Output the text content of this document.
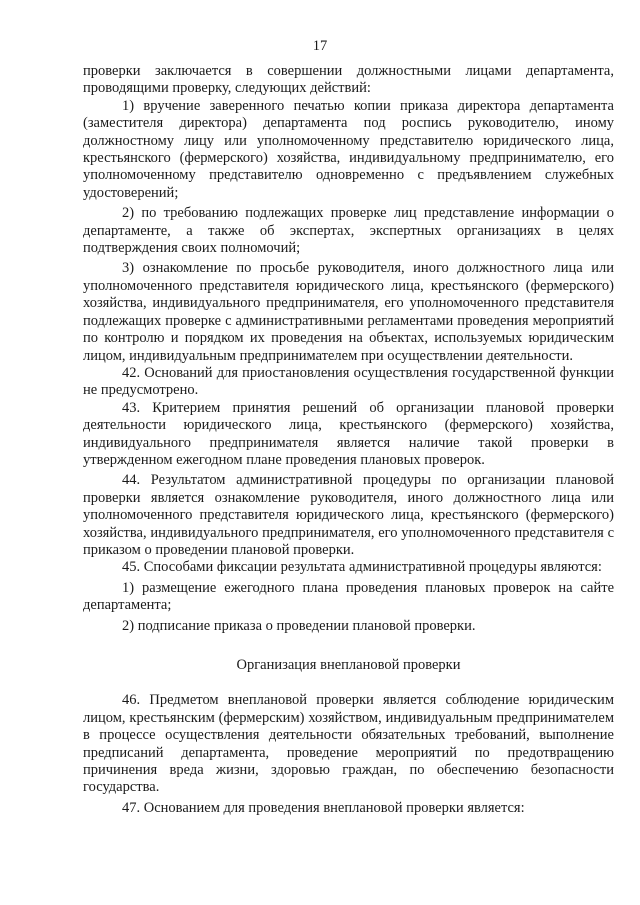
17

проверки заключается в совершении должностными лицами департамента, проводящими проверку, следующих действий:

1) вручение заверенного печатью копии приказа директора департамента (заместителя директора) департамента под роспись руководителю, иному должностному лицу или уполномоченному представителю юридического лица, крестьянского (фермерского) хозяйства, индивидуальному предпринимателю, его уполномоченному представителю одновременно с предъявлением служебных удостоверений;

2) по требованию подлежащих проверке лиц представление информации о департаменте, а также об экспертах, экспертных организациях в целях подтверждения своих полномочий;

3) ознакомление по просьбе руководителя, иного должностного лица или уполномоченного представителя юридического лица, крестьянского (фермерского) хозяйства, индивидуального предпринимателя, его уполномоченного представителя подлежащих проверке с административными регламентами проведения мероприятий по контролю и порядком их проведения на объектах, используемых юридическим лицом, индивидуальным предпринимателем при осуществлении деятельности.

42. Оснований для приостановления осуществления государственной функции не предусмотрено.

43. Критерием принятия решений об организации плановой проверки деятельности юридического лица, крестьянского (фермерского) хозяйства, индивидуального предпринимателя является наличие такой проверки в утвержденном ежегодном плане проведения плановых проверок.

44. Результатом административной процедуры по организации плановой проверки является ознакомление руководителя, иного должностного лица или уполномоченного представителя юридического лица, крестьянского (фермерского) хозяйства, индивидуального предпринимателя, его уполномоченного представителя с приказом о проведении плановой проверки.

45. Способами фиксации результата административной процедуры являются:

1) размещение ежегодного плана проведения плановых проверок на сайте департамента;

2) подписание приказа о проведении плановой проверки.

Организация внеплановой проверки

46. Предметом внеплановой проверки является соблюдение юридическим лицом, крестьянским (фермерским) хозяйством, индивидуальным предпринимателем в процессе осуществления деятельности обязательных требований, выполнение предписаний департамента, проведение мероприятий по предотвращению причинения вреда жизни, здоровью граждан, по обеспечению безопасности государства.

47. Основанием для проведения внеплановой проверки является:
